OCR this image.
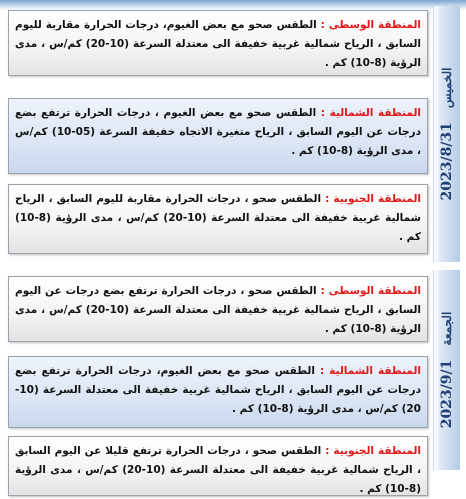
المنطقة الوسطى : الطقس صحو مع بعض الغيوم، درجات الحرارة مقاربة لليوم السابق ، الرياح شمالية غربية خفيفة الى معتدلة السرعة (10-20) كم/س ، مدى الرؤية (8-10) كم .
المنطقة الشمالية : الطقس صحو مع بعض الغيوم ، درجات الحرارة ترتفع بضع درجات عن اليوم السابق ، الرياح متغيرة الاتجاه خفيفة السرعة (05-10) كم/س ، مدى الرؤية (8-10) كم .
المنطقة الجنوبية : الطقس صحو ، درجات الحرارة مقاربة لليوم السابق ، الرياح شمالية غربية خفيفة الى معتدلة السرعة (10-20) كم/س ، مدى الرؤية (8-10) كم .
2023/8/31
الخميس
المنطقة الوسطى : الطقس صحو ، درجات الحرارة ترتفع بضع درجات عن اليوم السابق ، الرياح شمالية غربية خفيفة الى معتدلة السرعة (10-20) كم/س ، مدى الرؤية (8-10) كم .
المنطقة الشمالية : الطقس صحو مع بعض الغيوم، درجات الحرارة ترتفع بضع درجات عن اليوم السابق ، الرياح شمالية غربية خفيفة الى معتدلة السرعة (10-20) كم/س ، مدى الرؤية (8-10) كم .
المنطقة الجنوبية : الطقس صحو ، درجات الحرارة ترتفع قليلا عن اليوم السابق ، الرياح شمالية غربية خفيفة الى معتدلة السرعة (10-20) كم/س ، مدى الرؤية (8-10) كم .
2023/9/1
الجمعة
